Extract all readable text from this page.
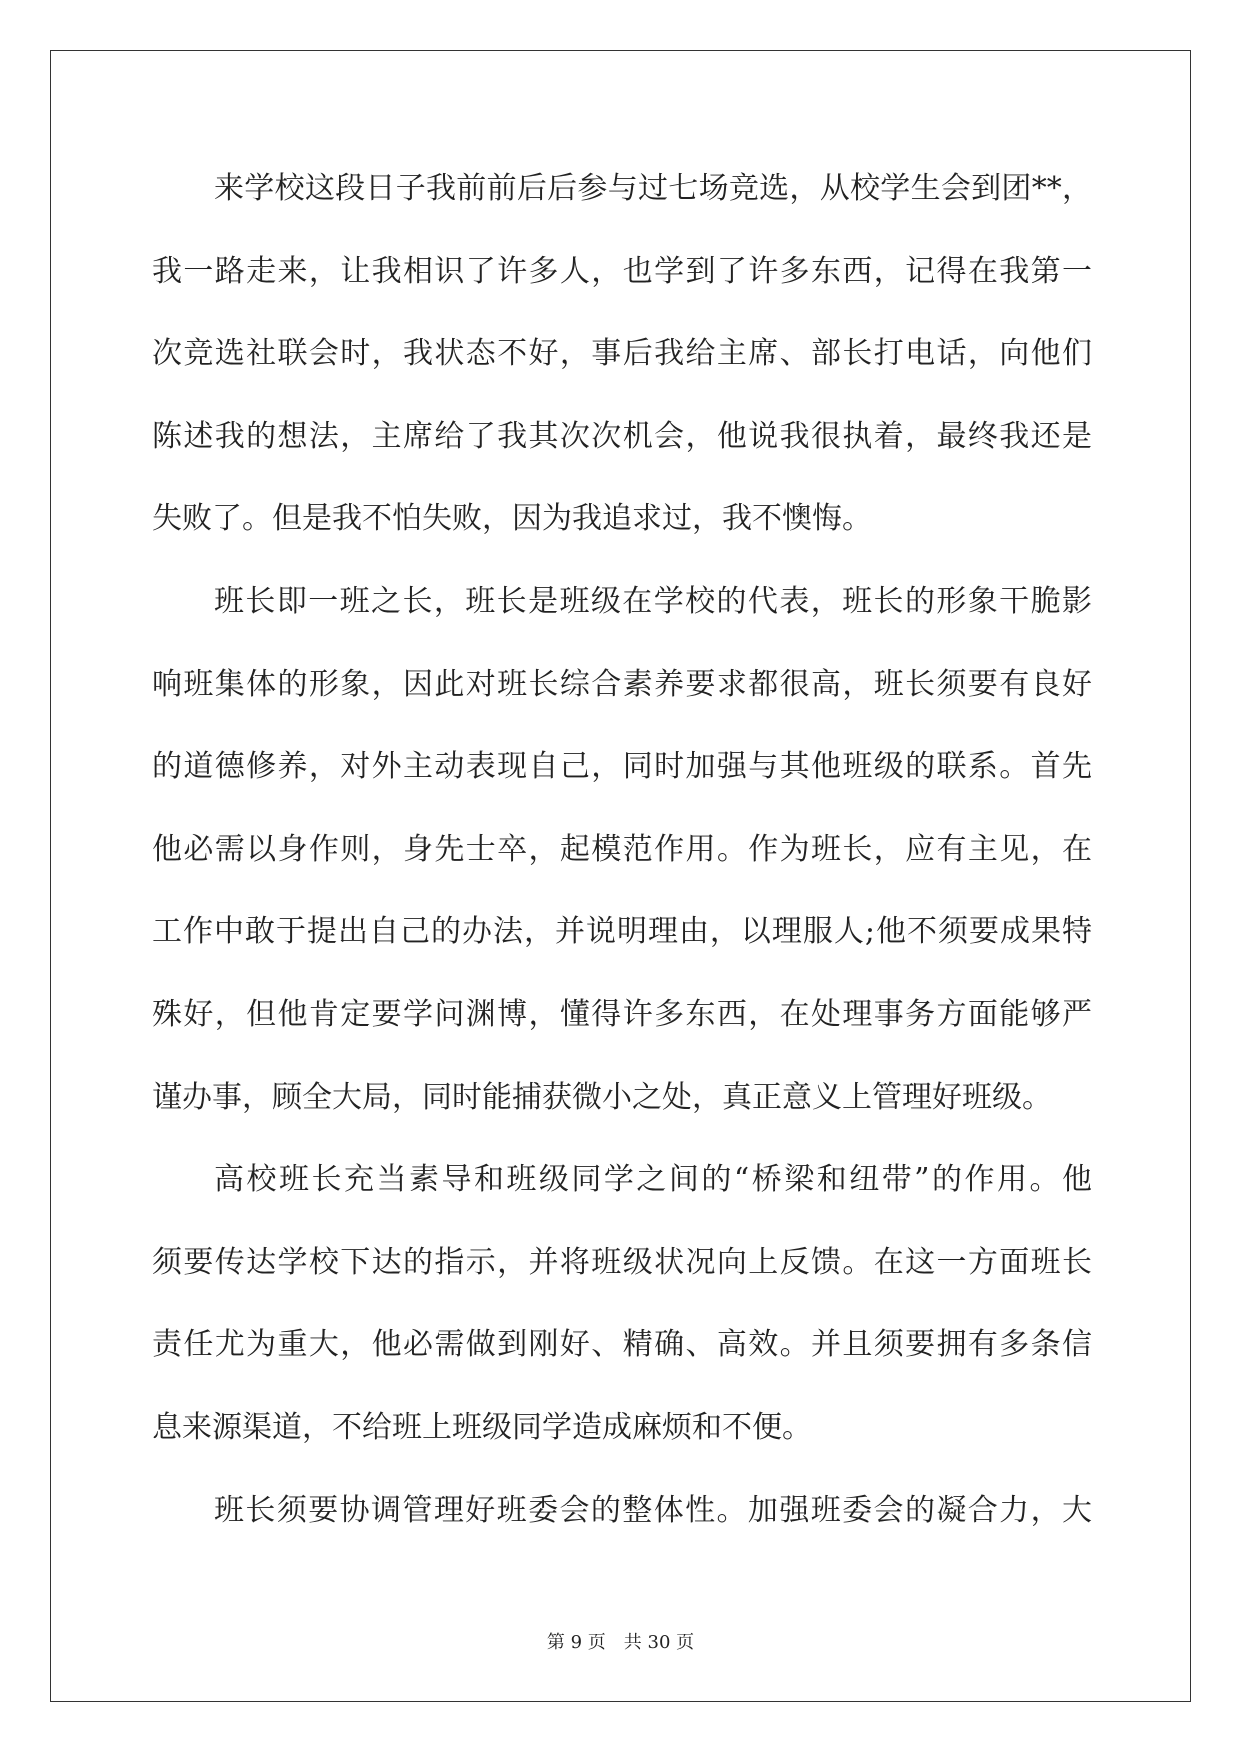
来学校这段日子我前前后后参与过七场竞选，从校学生会到团**，
我一路走来，让我相识了许多人，也学到了许多东西，记得在我第一
次竞选社联会时，我状态不好，事后我给主席、部长打电话，向他们
陈述我的想法，主席给了我其次次机会，他说我很执着，最终我还是
失败了。但是我不怕失败，因为我追求过，我不懊悔。
班长即一班之长，班长是班级在学校的代表，班长的形象干脆影
响班集体的形象，因此对班长综合素养要求都很高，班长须要有良好
的道德修养，对外主动表现自己，同时加强与其他班级的联系。首先
他必需以身作则，身先士卒，起模范作用。作为班长，应有主见，在
工作中敢于提出自己的办法，并说明理由，以理服人;他不须要成果特
殊好，但他肯定要学问渊博，懂得许多东西，在处理事务方面能够严
谨办事，顾全大局，同时能捕获微小之处，真正意义上管理好班级。
高校班长充当素导和班级同学之间的“桥梁和纽带”的作用。他
须要传达学校下达的指示，并将班级状况向上反馈。在这一方面班长
责任尤为重大，他必需做到刚好、精确、高效。并且须要拥有多条信
息来源渠道，不给班上班级同学造成麻烦和不便。
班长须要协调管理好班委会的整体性。加强班委会的凝合力，大
第 9 页 共 30 页
